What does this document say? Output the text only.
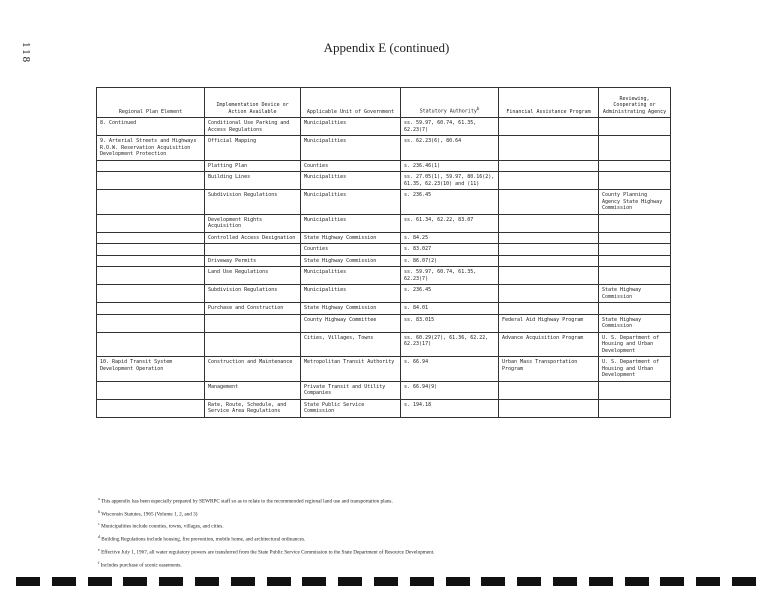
118	Appendix E (continued)
Regional Plan Element	Implementation Device or Action Available	Applicable Unit of Government	Statutory Authority$^b$	Financial Assistance Program	Reviewing, Cooperating or Administrating Agency
8. Continued	Conditional Use Parking and Access Regulations	Municipalities	ss. 59.97, 60.74, 61.35, 62.23(7)		
9. Arterial Streets and Highways R.O.W. Reservation Acquisition Development Protection	Official Mapping	Municipalities	ss. 62.23(6), 80.64		
	Platting Plan	Counties	s. 236.46(1)		
	Building Lines	Municipalities	ss. 27.05(1), 59.97, 80.16(2), 61.35, 62.23(10) and (11)		
	Subdivision Regulations	Municipalities	s. 236.45		County Planning Agency State Highway Commission
	Development Rights Acquisition	Municipalities	ss. 61.34, 62.22, 83.07		
	Controlled Access Designation	State Highway Commission	s. 84.25		
		Counties	s. 83.027		
	Driveway Permits	State Highway Commission	s. 86.07(2)		
	Land Use Regulations	Municipalities	ss. 59.97, 60.74, 61.35, 62.23(7)		
	Subdivision Regulations	Municipalities	s. 236.45		State Highway Commission
	Purchase and Construction	State Highway Commission	s. 84.01		
		County Highway Committee	ss. 83.015	Federal Aid Highway Program	State Highway Commission
		Cities, Villages, Towns	ss. 60.29(27), 61.36, 62.22, 62.23(17)	Advance Acquisition Program	U. S. Department of Housing and Urban Development
10. Rapid Transit System Development Operation	Construction and Maintenance	Metropolitan Transit Authority	s. 66.94	Urban Mass Transportation Program	U. S. Department of Housing and Urban Development
	Management	Private Transit and Utility Companies	s. 66.94(9)		
	Rate, Route, Schedule, and Service Area Regulations	State Public Service Commission	s. 194.18		
$^a$ This appendix has been especially prepared by SEWRPC staff so as to relate to the recommended regional land use and transportation plans.
$^b$ Wisconsin Statutes, 1965 (Volume 1, 2, and 3)
$^c$ Municipalities include counties, towns, villages, and cities.
$^d$ Building Regulations include housing, fire prevention, mobile home, and architectural ordinances.
$^e$ Effective July 1, 1967, all water regulatory powers are transferred from the State Public Service Commission to the State Department of Resource Development.
$^f$ Includes purchase of scenic easements.
